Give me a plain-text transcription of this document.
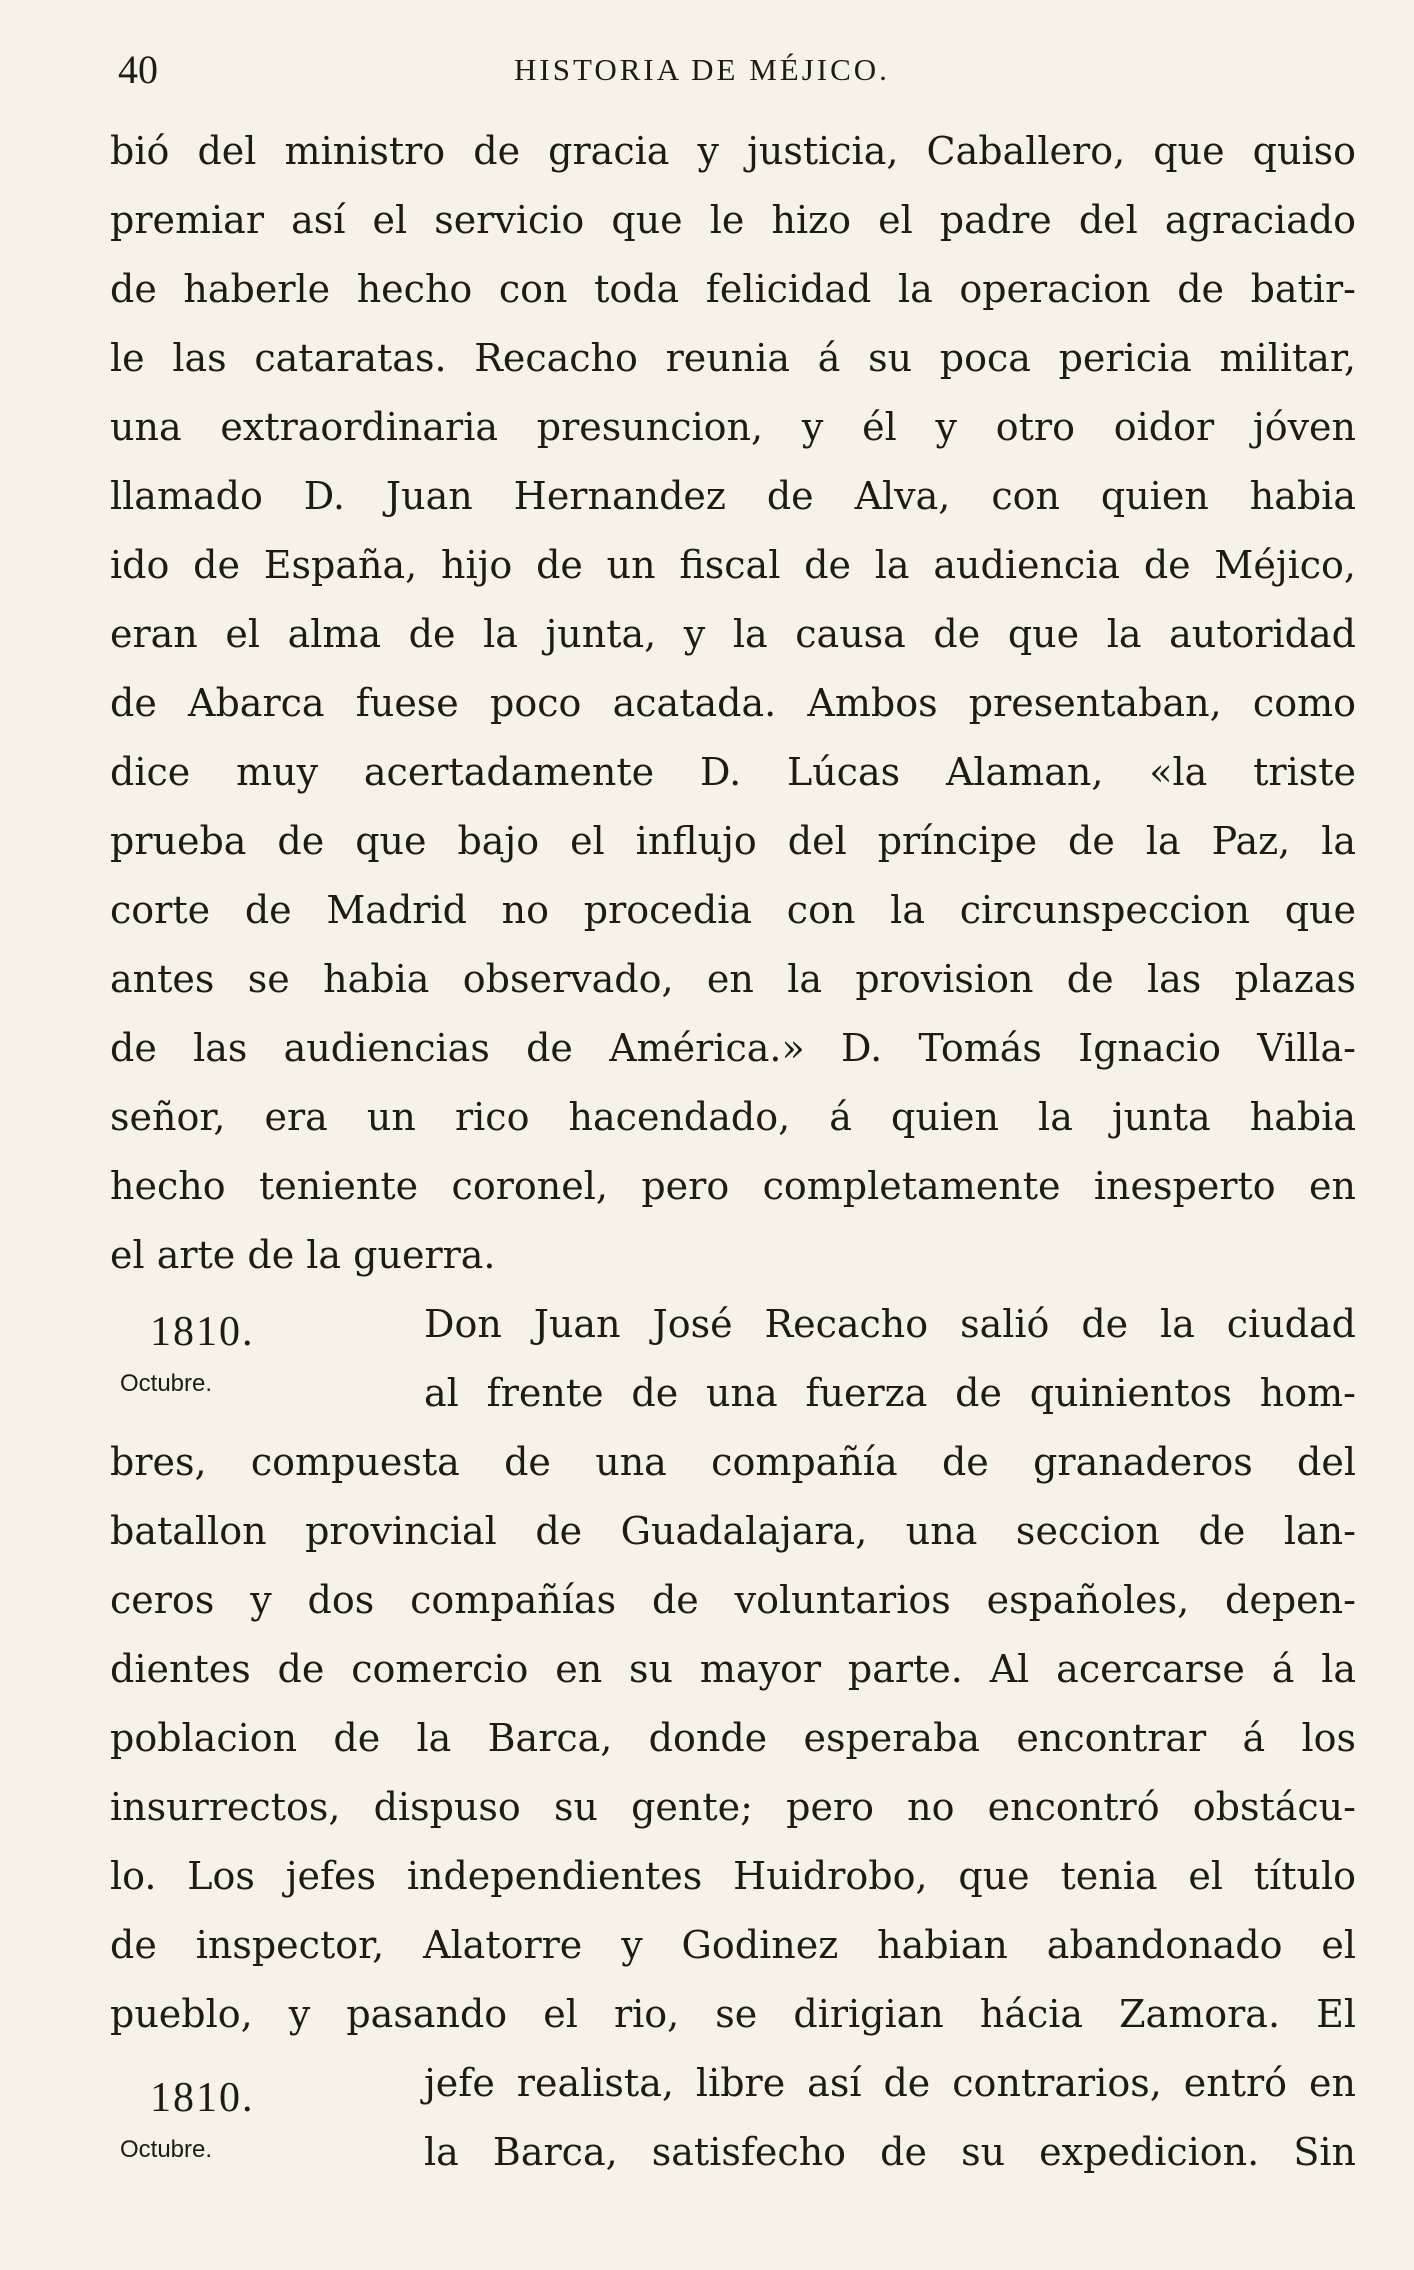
40	HISTORIA DE MÉJICO.
1810.
Octubre.
1810.
Octubre.
bió del ministro de gracia y justicia, Caballero, que quiso
premiar así el servicio que le hizo el padre del agraciado
de haberle hecho con toda felicidad la operacion de batir-
le las cataratas. Recacho reunia á su poca pericia militar,
una extraordinaria presuncion, y él y otro oidor jóven
llamado D. Juan Hernandez de Alva, con quien habia
ido de España, hijo de un fiscal de la audiencia de Méjico,
eran el alma de la junta, y la causa de que la autoridad
de Abarca fuese poco acatada. Ambos presentaban, como
dice muy acertadamente D. Lúcas Alaman, «la triste
prueba de que bajo el influjo del príncipe de la Paz, la
corte de Madrid no procedia con la circunspeccion que
antes se habia observado, en la provision de las plazas
de las audiencias de América.» D. Tomás Ignacio Villa-
señor, era un rico hacendado, á quien la junta habia
hecho teniente coronel, pero completamente inesperto en
el arte de la guerra.
Don Juan José Recacho salió de la ciudad
al frente de una fuerza de quinientos hom-
bres, compuesta de una compañía de granaderos del
batallon provincial de Guadalajara, una seccion de lan-
ceros y dos compañías de voluntarios españoles, depen-
dientes de comercio en su mayor parte. Al acercarse á la
poblacion de la Barca, donde esperaba encontrar á los
insurrectos, dispuso su gente; pero no encontró obstácu-
lo. Los jefes independientes Huidrobo, que tenia el título
de inspector, Alatorre y Godinez habian abandonado el
pueblo, y pasando el rio, se dirigian hácia Zamora. El
jefe realista, libre así de contrarios, entró en
la Barca, satisfecho de su expedicion. Sin
